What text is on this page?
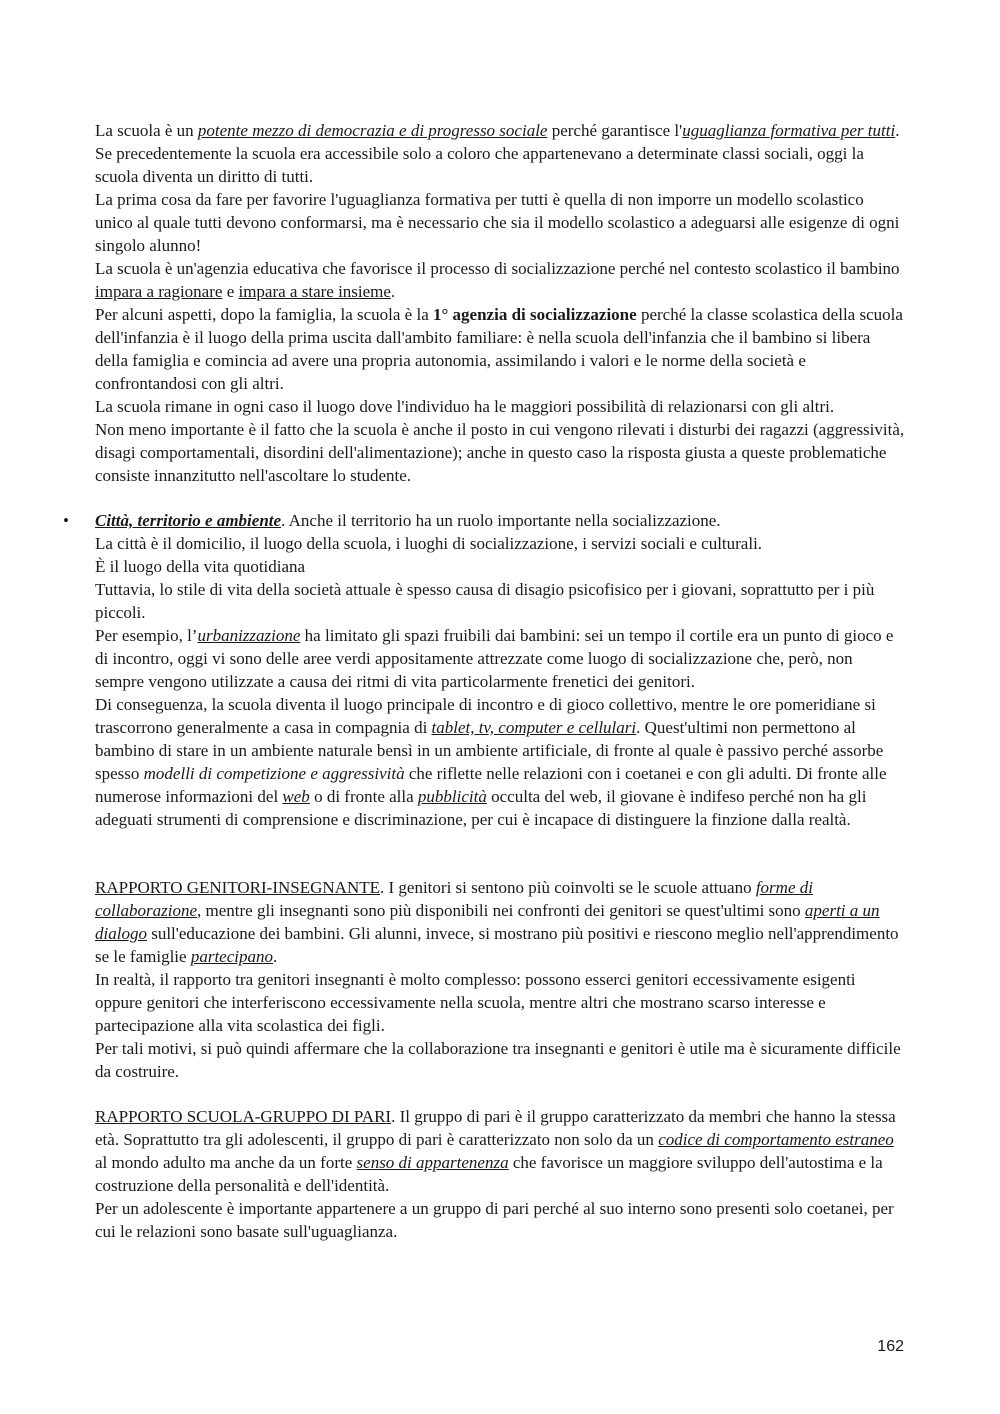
La scuola è un potente mezzo di democrazia e di progresso sociale perché garantisce l'uguaglianza formativa per tutti.

Se precedentemente la scuola era accessibile solo a coloro che appartenevano a determinate classi sociali, oggi la scuola diventa un diritto di tutti.

La prima cosa da fare per favorire l'uguaglianza formativa per tutti è quella di non imporre un modello scolastico unico al quale tutti devono conformarsi, ma è necessario che sia il modello scolastico a adeguarsi alle esigenze di ogni singolo alunno!

La scuola è un'agenzia educativa che favorisce il processo di socializzazione perché nel contesto scolastico il bambino impara a ragionare e impara a stare insieme.

Per alcuni aspetti, dopo la famiglia, la scuola è la 1° agenzia di socializzazione perché la classe scolastica della scuola dell'infanzia è il luogo della prima uscita dall'ambito familiare: è nella scuola dell'infanzia che il bambino si libera della famiglia e comincia ad avere una propria autonomia, assimilando i valori e le norme della società e confrontandosi con gli altri.

La scuola rimane in ogni caso il luogo dove l'individuo ha le maggiori possibilità di relazionarsi con gli altri.

Non meno importante è il fatto che la scuola è anche il posto in cui vengono rilevati i disturbi dei ragazzi (aggressività, disagi comportamentali, disordini dell'alimentazione); anche in questo caso la risposta giusta a queste problematiche consiste innanzitutto nell'ascoltare lo studente.

• Città, territorio e ambiente. Anche il territorio ha un ruolo importante nella socializzazione.

La città è il domicilio, il luogo della scuola, i luoghi di socializzazione, i servizi sociali e culturali.

È il luogo della vita quotidiana

Tuttavia, lo stile di vita della società attuale è spesso causa di disagio psicofisico per i giovani, soprattutto per i più piccoli.

Per esempio, l’urbanizzazione ha limitato gli spazi fruibili dai bambini: sei un tempo il cortile era un punto di gioco e di incontro, oggi vi sono delle aree verdi appositamente attrezzate come luogo di socializzazione che, però, non sempre vengono utilizzate a causa dei ritmi di vita particolarmente frenetici dei genitori.

Di conseguenza, la scuola diventa il luogo principale di incontro e di gioco collettivo, mentre le ore pomeridiane si trascorrono generalmente a casa in compagnia di tablet, tv, computer e cellulari. Quest'ultimi non permettono al bambino di stare in un ambiente naturale bensì in un ambiente artificiale, di fronte al quale è passivo perché assorbe spesso modelli di competizione e aggressività che riflette nelle relazioni con i coetanei e con gli adulti. Di fronte alle numerose informazioni del web o di fronte alla pubblicità occulta del web, il giovane è indifeso perché non ha gli adeguati strumenti di comprensione e discriminazione, per cui è incapace di distinguere la finzione dalla realtà.

RAPPORTO GENITORI-INSEGNANTE. I genitori si sentono più coinvolti se le scuole attuano forme di collaborazione, mentre gli insegnanti sono più disponibili nei confronti dei genitori se quest'ultimi sono aperti a un dialogo sull'educazione dei bambini. Gli alunni, invece, si mostrano più positivi e riescono meglio nell'apprendimento se le famiglie partecipano.

In realtà, il rapporto tra genitori insegnanti è molto complesso: possono esserci genitori eccessivamente esigenti oppure genitori che interferiscono eccessivamente nella scuola, mentre altri che mostrano scarso interesse e partecipazione alla vita scolastica dei figli.

Per tali motivi, si può quindi affermare che la collaborazione tra insegnanti e genitori è utile ma è sicuramente difficile da costruire.

RAPPORTO SCUOLA-GRUPPO DI PARI. Il gruppo di pari è il gruppo caratterizzato da membri che hanno la stessa età. Soprattutto tra gli adolescenti, il gruppo di pari è caratterizzato non solo da un codice di comportamento estraneo al mondo adulto ma anche da un forte senso di appartenenza che favorisce un maggiore sviluppo dell'autostima e la costruzione della personalità e dell'identità.

Per un adolescente è importante appartenere a un gruppo di pari perché al suo interno sono presenti solo coetanei, per cui le relazioni sono basate sull'uguaglianza.

162
